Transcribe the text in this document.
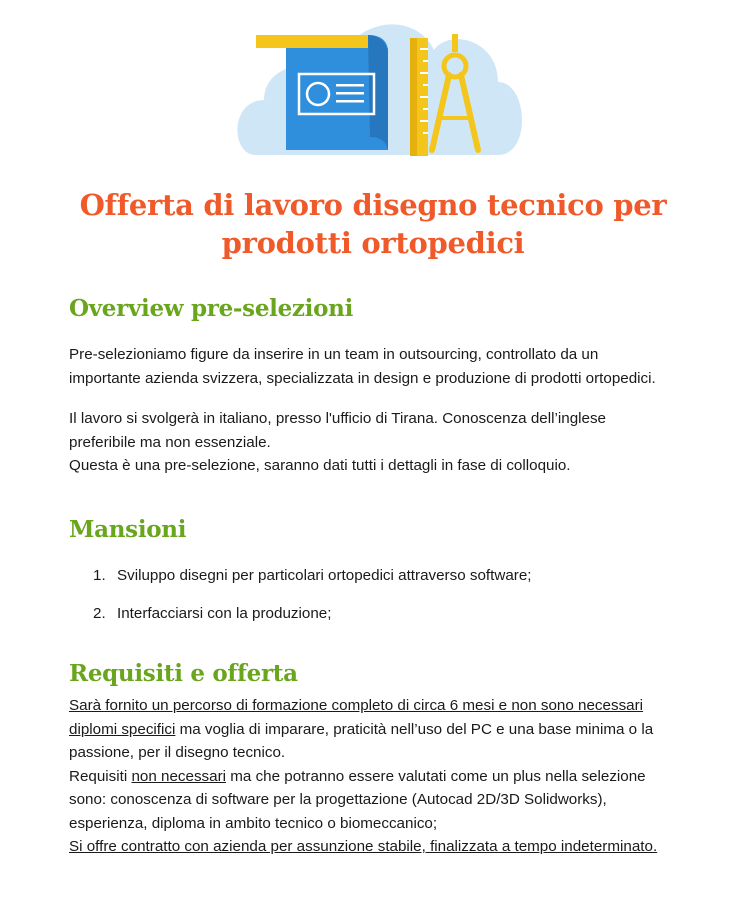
Offerta di lavoro disegno tecnico per
prodotti ortopedici
Overview pre-selezioni
Pre-selezioniamo figure da inserire in un team in outsourcing, controllato da un
importante azienda svizzera, specializzata in design e produzione di prodotti ortopedici.
Il lavoro si svolgerà in italiano, presso l'ufficio di Tirana. Conoscenza dell’inglese
preferibile ma non essenziale.
Questa è una pre-selezione, saranno dati tutti i dettagli in fase di colloquio.
Mansioni
1. Sviluppo disegni per particolari ortopedici attraverso software;
2. Interfacciarsi con la produzione;
Requisiti e offerta
Sarà fornito un percorso di formazione completo di circa 6 mesi e non sono necessari
diplomi specifici ma voglia di imparare, praticità nell’uso del PC e una base minima o la
passione, per il disegno tecnico.
Requisiti non necessari ma che potranno essere valutati come un plus nella selezione
sono: conoscenza di software per la progettazione (Autocad 2D/3D Solidworks),
esperienza, diploma in ambito tecnico o biomeccanico;
Si offre contratto con azienda per assunzione stabile, finalizzata a tempo indeterminato.
